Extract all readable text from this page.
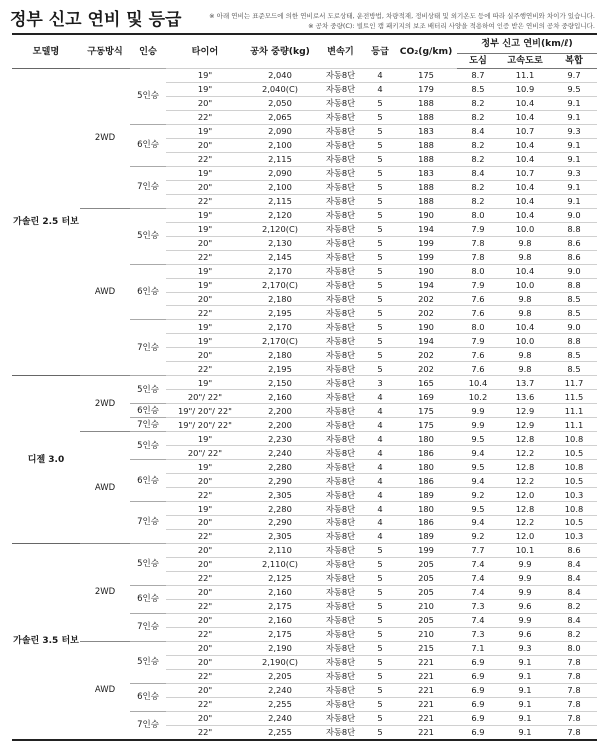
정부 신고 연비 및 등급	※ 아래 연비는 표준모드에 의한 연비로서 도로상태, 운전방법, 차량적재, 정비상태 및 외기온도 등에 따라 실주행연비와 차이가 있습니다.
※ 공차 중량(C): 빌트인 캠 패키지의 보조 배터리 사양을 적용하여 인증 받은 연비의 공차 중량입니다.
모델명	구동방식	인승	타이어	공차 중량(kg)	변속기	등급	CO₂(g/km)	정부 신고 연비(km/ℓ)		
								도심	고속도로	복합
가솔린 2.5 터보	2WD	5인승	19"	2,040	자동8단	4	175	8.7	11.1	9.7
			19"	2,040(C)	자동8단	4	179	8.5	10.9	9.5
			20"	2,050	자동8단	5	188	8.2	10.4	9.1
			22"	2,065	자동8단	5	188	8.2	10.4	9.1
		6인승	19"	2,090	자동8단	5	183	8.4	10.7	9.3
			20"	2,100	자동8단	5	188	8.2	10.4	9.1
			22"	2,115	자동8단	5	188	8.2	10.4	9.1
		7인승	19"	2,090	자동8단	5	183	8.4	10.7	9.3
			20"	2,100	자동8단	5	188	8.2	10.4	9.1
			22"	2,115	자동8단	5	188	8.2	10.4	9.1
	AWD	5인승	19"	2,120	자동8단	5	190	8.0	10.4	9.0
			19"	2,120(C)	자동8단	5	194	7.9	10.0	8.8
			20"	2,130	자동8단	5	199	7.8	9.8	8.6
			22"	2,145	자동8단	5	199	7.8	9.8	8.6
		6인승	19"	2,170	자동8단	5	190	8.0	10.4	9.0
			19"	2,170(C)	자동8단	5	194	7.9	10.0	8.8
			20"	2,180	자동8단	5	202	7.6	9.8	8.5
			22"	2,195	자동8단	5	202	7.6	9.8	8.5
		7인승	19"	2,170	자동8단	5	190	8.0	10.4	9.0
			19"	2,170(C)	자동8단	5	194	7.9	10.0	8.8
			20"	2,180	자동8단	5	202	7.6	9.8	8.5
			22"	2,195	자동8단	5	202	7.6	9.8	8.5
디젤 3.0	2WD	5인승	19"	2,150	자동8단	3	165	10.4	13.7	11.7
			20"/ 22"	2,160	자동8단	4	169	10.2	13.6	11.5
		6인승	19"/ 20"/ 22"	2,200	자동8단	4	175	9.9	12.9	11.1
		7인승	19"/ 20"/ 22"	2,200	자동8단	4	175	9.9	12.9	11.1
	AWD	5인승	19"	2,230	자동8단	4	180	9.5	12.8	10.8
			20"/ 22"	2,240	자동8단	4	186	9.4	12.2	10.5
		6인승	19"	2,280	자동8단	4	180	9.5	12.8	10.8
			20"	2,290	자동8단	4	186	9.4	12.2	10.5
			22"	2,305	자동8단	4	189	9.2	12.0	10.3
		7인승	19"	2,280	자동8단	4	180	9.5	12.8	10.8
			20"	2,290	자동8단	4	186	9.4	12.2	10.5
			22"	2,305	자동8단	4	189	9.2	12.0	10.3
가솔린 3.5 터보	2WD	5인승	20"	2,110	자동8단	5	199	7.7	10.1	8.6
			20"	2,110(C)	자동8단	5	205	7.4	9.9	8.4
			22"	2,125	자동8단	5	205	7.4	9.9	8.4
		6인승	20"	2,160	자동8단	5	205	7.4	9.9	8.4
			22"	2,175	자동8단	5	210	7.3	9.6	8.2
		7인승	20"	2,160	자동8단	5	205	7.4	9.9	8.4
			22"	2,175	자동8단	5	210	7.3	9.6	8.2
	AWD	5인승	20"	2,190	자동8단	5	215	7.1	9.3	8.0
			20"	2,190(C)	자동8단	5	221	6.9	9.1	7.8
			22"	2,205	자동8단	5	221	6.9	9.1	7.8
		6인승	20"	2,240	자동8단	5	221	6.9	9.1	7.8
			22"	2,255	자동8단	5	221	6.9	9.1	7.8
		7인승	20"	2,240	자동8단	5	221	6.9	9.1	7.8
			22"	2,255	자동8단	5	221	6.9	9.1	7.8
